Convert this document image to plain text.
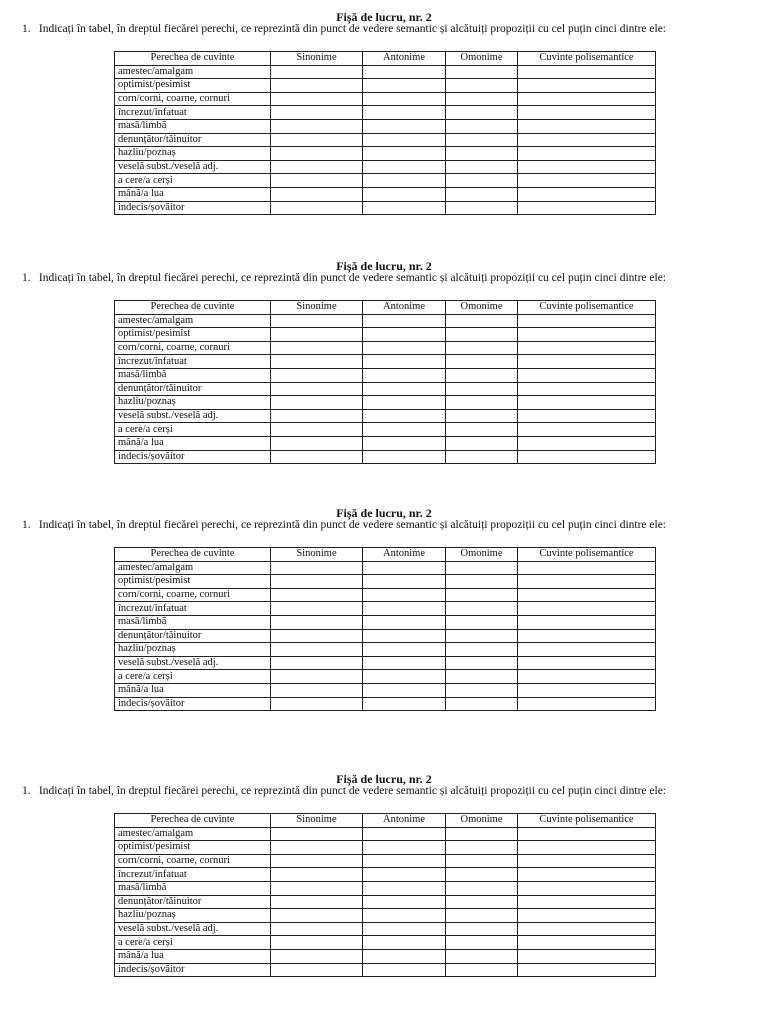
Fișă de lucru, nr. 2
1. Indicați în tabel, în dreptul fiecărei perechi, ce reprezintă din punct de vedere semantic și alcătuiți propoziții cu cel puțin cinci dintre ele:
Perechea de cuvinte	Sinonime	Antonime	Omonime	Cuvinte polisemantice
amestec/amalgam				
optimist/pesimist				
corn/corni, coarne, cornuri				
încrezut/infatuat				
masă/limbă				
denunțător/tăinuitor				
hazliu/poznaș				
veselă subst./veselă adj.				
a cere/a cerși				
mână/a lua				
indecis/șovăitor				
Fișă de lucru, nr. 2
1. Indicați în tabel, în dreptul fiecărei perechi, ce reprezintă din punct de vedere semantic și alcătuiți propoziții cu cel puțin cinci dintre ele:
Perechea de cuvinte	Sinonime	Antonime	Omonime	Cuvinte polisemantice
amestec/amalgam				
optimist/pesimist				
corn/corni, coarne, cornuri				
încrezut/infatuat				
masă/limbă				
denunțător/tăinuitor				
hazliu/poznaș				
veselă subst./veselă adj.				
a cere/a cerși				
mână/a lua				
indecis/șovăitor				
Fișă de lucru, nr. 2
1. Indicați în tabel, în dreptul fiecărei perechi, ce reprezintă din punct de vedere semantic și alcătuiți propoziții cu cel puțin cinci dintre ele:
Perechea de cuvinte	Sinonime	Antonime	Omonime	Cuvinte polisemantice
amestec/amalgam				
optimist/pesimist				
corn/corni, coarne, cornuri				
încrezut/infatuat				
masă/limbă				
denunțător/tăinuitor				
hazliu/poznaș				
veselă subst./veselă adj.				
a cere/a cerși				
mână/a lua				
indecis/șovăitor				
Fișă de lucru, nr. 2
1. Indicați în tabel, în dreptul fiecărei perechi, ce reprezintă din punct de vedere semantic și alcătuiți propoziții cu cel puțin cinci dintre ele:
Perechea de cuvinte	Sinonime	Antonime	Omonime	Cuvinte polisemantice
amestec/amalgam				
optimist/pesimist				
corn/corni, coarne, cornuri				
încrezut/infatuat				
masă/limbă				
denunțător/tăinuitor				
hazliu/poznaș				
veselă subst./veselă adj.				
a cere/a cerși				
mână/a lua				
indecis/șovăitor				
